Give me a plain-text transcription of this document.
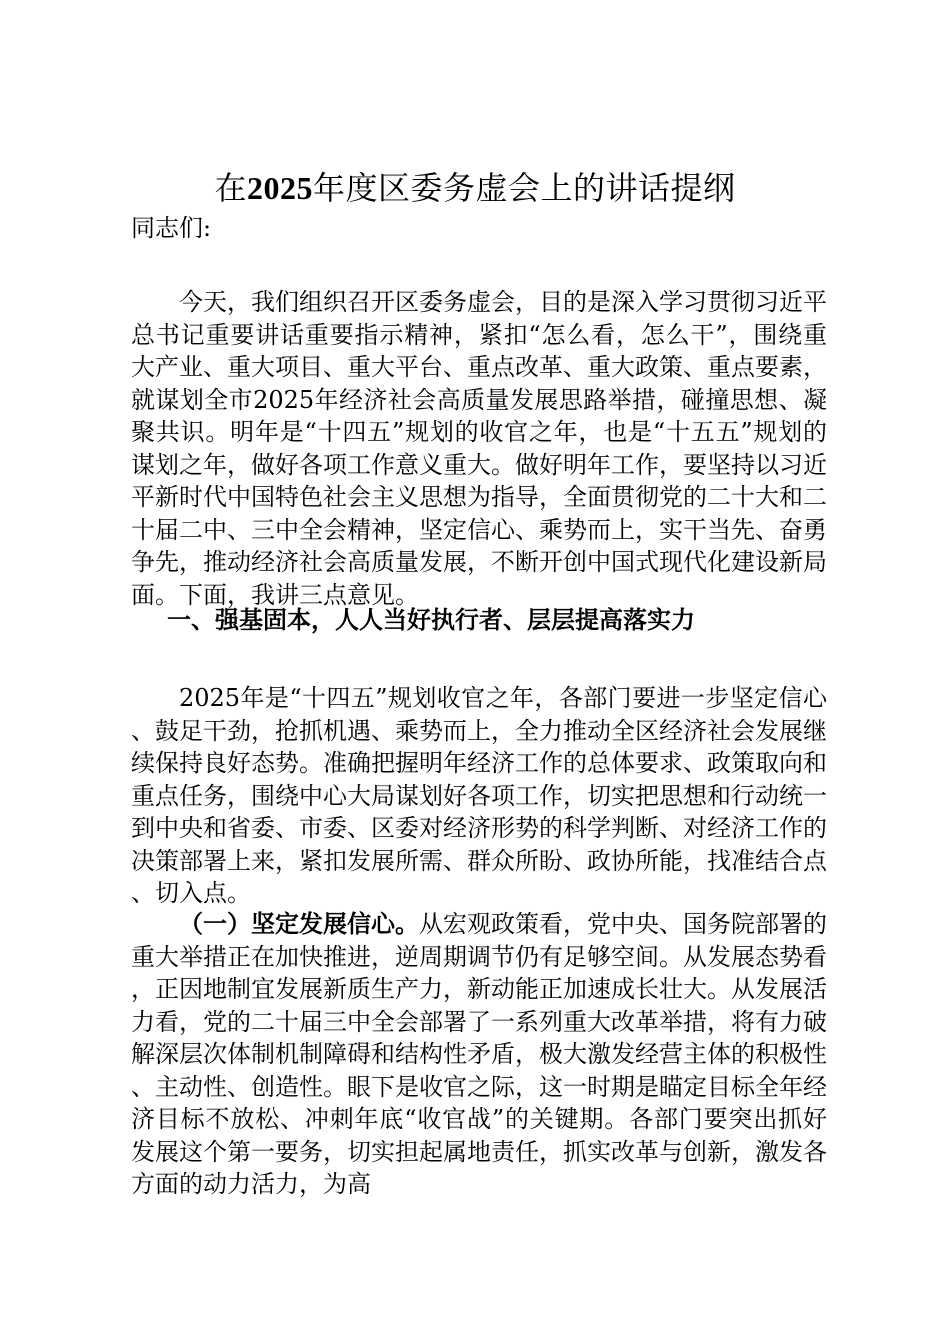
在2025年度区委务虚会上的讲话提纲
同志们:

今天，我们组织召开区委务虚会，目的是深入学习贯彻习近平总书记重要讲话重要指示精神，紧扣“怎么看，怎么干”，围绕重大产业、重大项目、重大平台、重点改革、重大政策、重点要素，就谋划全市2025年经济社会高质量发展思路举措，碰撞思想、凝聚共识。明年是“十四五”规划的收官之年，也是“十五五”规划的谋划之年，做好各项工作意义重大。做好明年工作，要坚持以习近平新时代中国特色社会主义思想为指导，全面贯彻党的二十大和二十届二中、三中全会精神，坚定信心、乘势而上，实干当先、奋勇争先，推动经济社会高质量发展，不断开创中国式现代化建设新局面。下面，我讲三点意见。

一、强基固本，人人当好执行者、层层提高落实力

2025年是“十四五”规划收官之年，各部门要进一步坚定信心、鼓足干劲，抢抓机遇、乘势而上，全力推动全区经济社会发展继续保持良好态势。准确把握明年经济工作的总体要求、政策取向和重点任务，围绕中心大局谋划好各项工作，切实把思想和行动统一到中央和省委、市委、区委对经济形势的科学判断、对经济工作的决策部署上来，紧扣发展所需、群众所盼、政协所能，找准结合点、切入点。

（一）坚定发展信心。从宏观政策看，党中央、国务院部署的重大举措正在加快推进，逆周期调节仍有足够空间。从发展态势看，正因地制宜发展新质生产力，新动能正加速成长壮大。从发展活力看，党的二十届三中全会部署了一系列重大改革举措，将有力破解深层次体制机制障碍和结构性矛盾，极大激发经营主体的积极性、主动性、创造性。眼下是收官之际，这一时期是瞄定目标全年经济目标不放松、冲刺年底“收官战”的关键期。各部门要突出抓好发展这个第一要务，切实担起属地责任，抓实改革与创新，激发各方面的动力活力，为高
